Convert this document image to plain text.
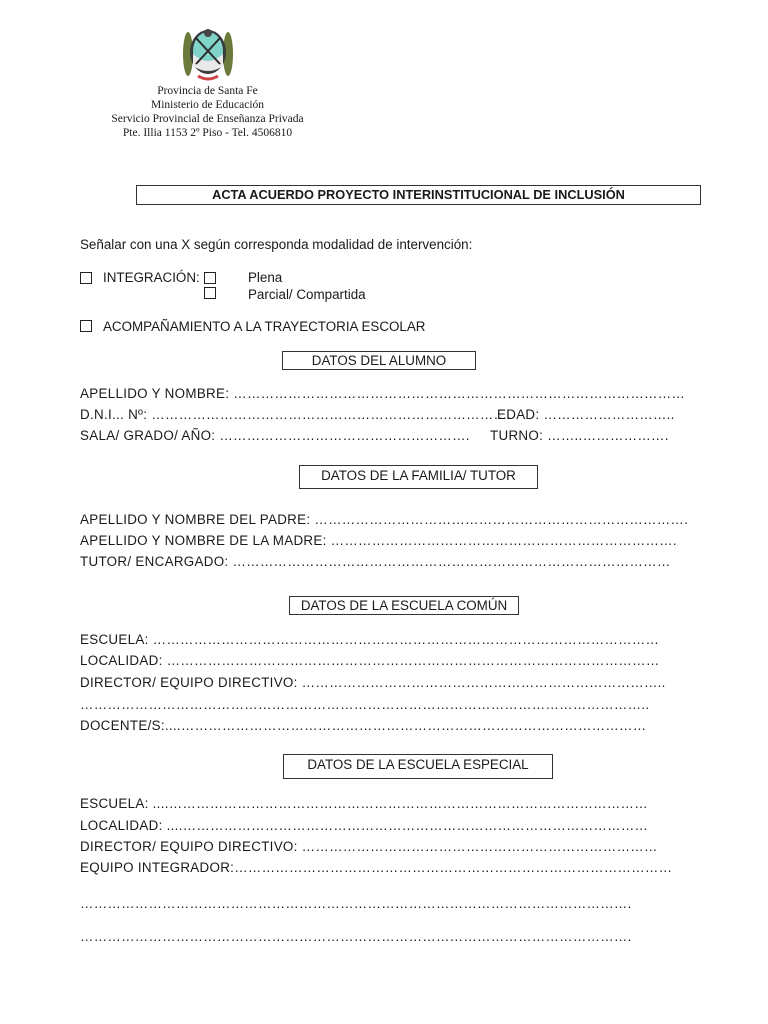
Provincia de Santa Fe
Ministerio de Educación
Servicio Provincial de Enseñanza Privada
Pte. Illia 1153 2º Piso - Tel. 4506810
ACTA ACUERDO PROYECTO INTERINSTITUCIONAL DE INCLUSIÓN
Señalar con una X según corresponda modalidad de intervención:
INTEGRACIÓN:	Plena
Parcial/ Compartida
ACOMPAÑAMIENTO A LA TRAYECTORIA ESCOLAR
DATOS DEL ALUMNO
APELLIDO Y NOMBRE: ………………………………………………………………………………………
D.N.I... Nº: …………………………………………………………………….
EDAD: ………………………..
SALA/ GRADO/ AÑO: ………………………………………………. TURNO: ……..……………….
DATOS DE LA FAMILIA/ TUTOR
APELLIDO Y NOMBRE DEL PADRE: ……………………………………………………………………….
APELLIDO Y NOMBRE DE LA MADRE: ………………………………………………………………….
TUTOR/ ENCARGADO: ……………………………………………………………………………………
DATOS DE LA ESCUELA COMÚN
ESCUELA: …………………………………………………………………………………………………
LOCALIDAD: ………………………………………………………………………………………………
DIRECTOR/ EQUIPO DIRECTIVO: ……………………………………………………………………..
……………………………………………………………………………………………………………..
DOCENTE/S:....…………………………………………………………………………………………
DATOS DE LA ESCUELA ESPECIAL
ESCUELA: ....……………………………………………………………………………………………
LOCALIDAD: ....…………………………………………………………………………………………
DIRECTOR/ EQUIPO DIRECTIVO: ……………………………………………………………………
EQUIPO INTEGRADOR:……………………………………………………………………………………
………………………………………………………………………………………………………….
………………………………………………………………………………………………………….
